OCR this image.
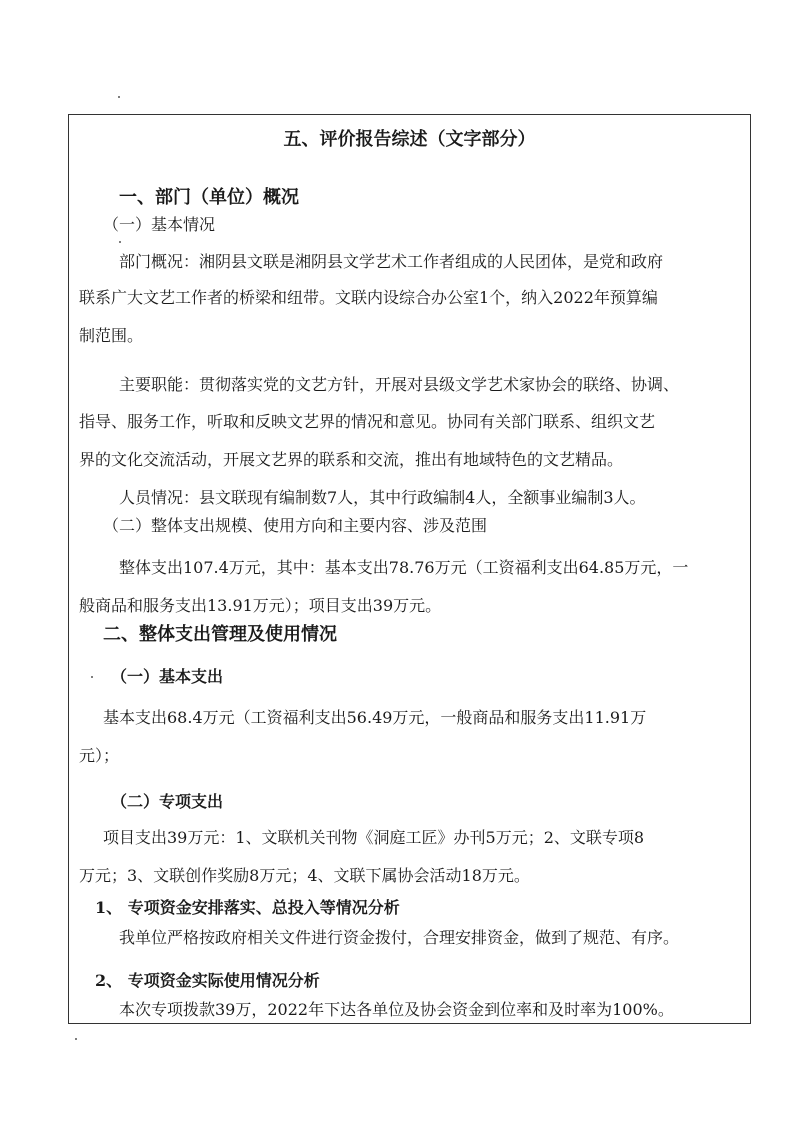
五、评价报告综述（文字部分）
一、部门（单位）概况
（一）基本情况
部门概况：湘阴县文联是湘阴县文学艺术工作者组成的人民团体，是党和政府
联系广大文艺工作者的桥梁和纽带。文联内设综合办公室1个，纳入2022年预算编
制范围。
主要职能：贯彻落实党的文艺方针，开展对县级文学艺术家协会的联络、协调、
指导、服务工作，听取和反映文艺界的情况和意见。协同有关部门联系、组织文艺
界的文化交流活动，开展文艺界的联系和交流，推出有地域特色的文艺精品。
人员情况：县文联现有编制数7人，其中行政编制4人，全额事业编制3人。
（二）整体支出规模、使用方向和主要内容、涉及范围
整体支出107.4万元，其中：基本支出78.76万元（工资福利支出64.85万元，一
般商品和服务支出13.91万元）；项目支出39万元。
二、整体支出管理及使用情况
（一）基本支出
基本支出68.4万元（工资福利支出56.49万元，一般商品和服务支出11.91万
元）；
（二）专项支出
项目支出39万元：1、文联机关刊物《洞庭工匠》办刊5万元；2、文联专项8
万元；3、文联创作奖励8万元；4、文联下属协会活动18万元。
1、 专项资金安排落实、总投入等情况分析
我单位严格按政府相关文件进行资金拨付，合理安排资金，做到了规范、有序。
2、 专项资金实际使用情况分析
本次专项拨款39万，2022年下达各单位及协会资金到位率和及时率为100%。
